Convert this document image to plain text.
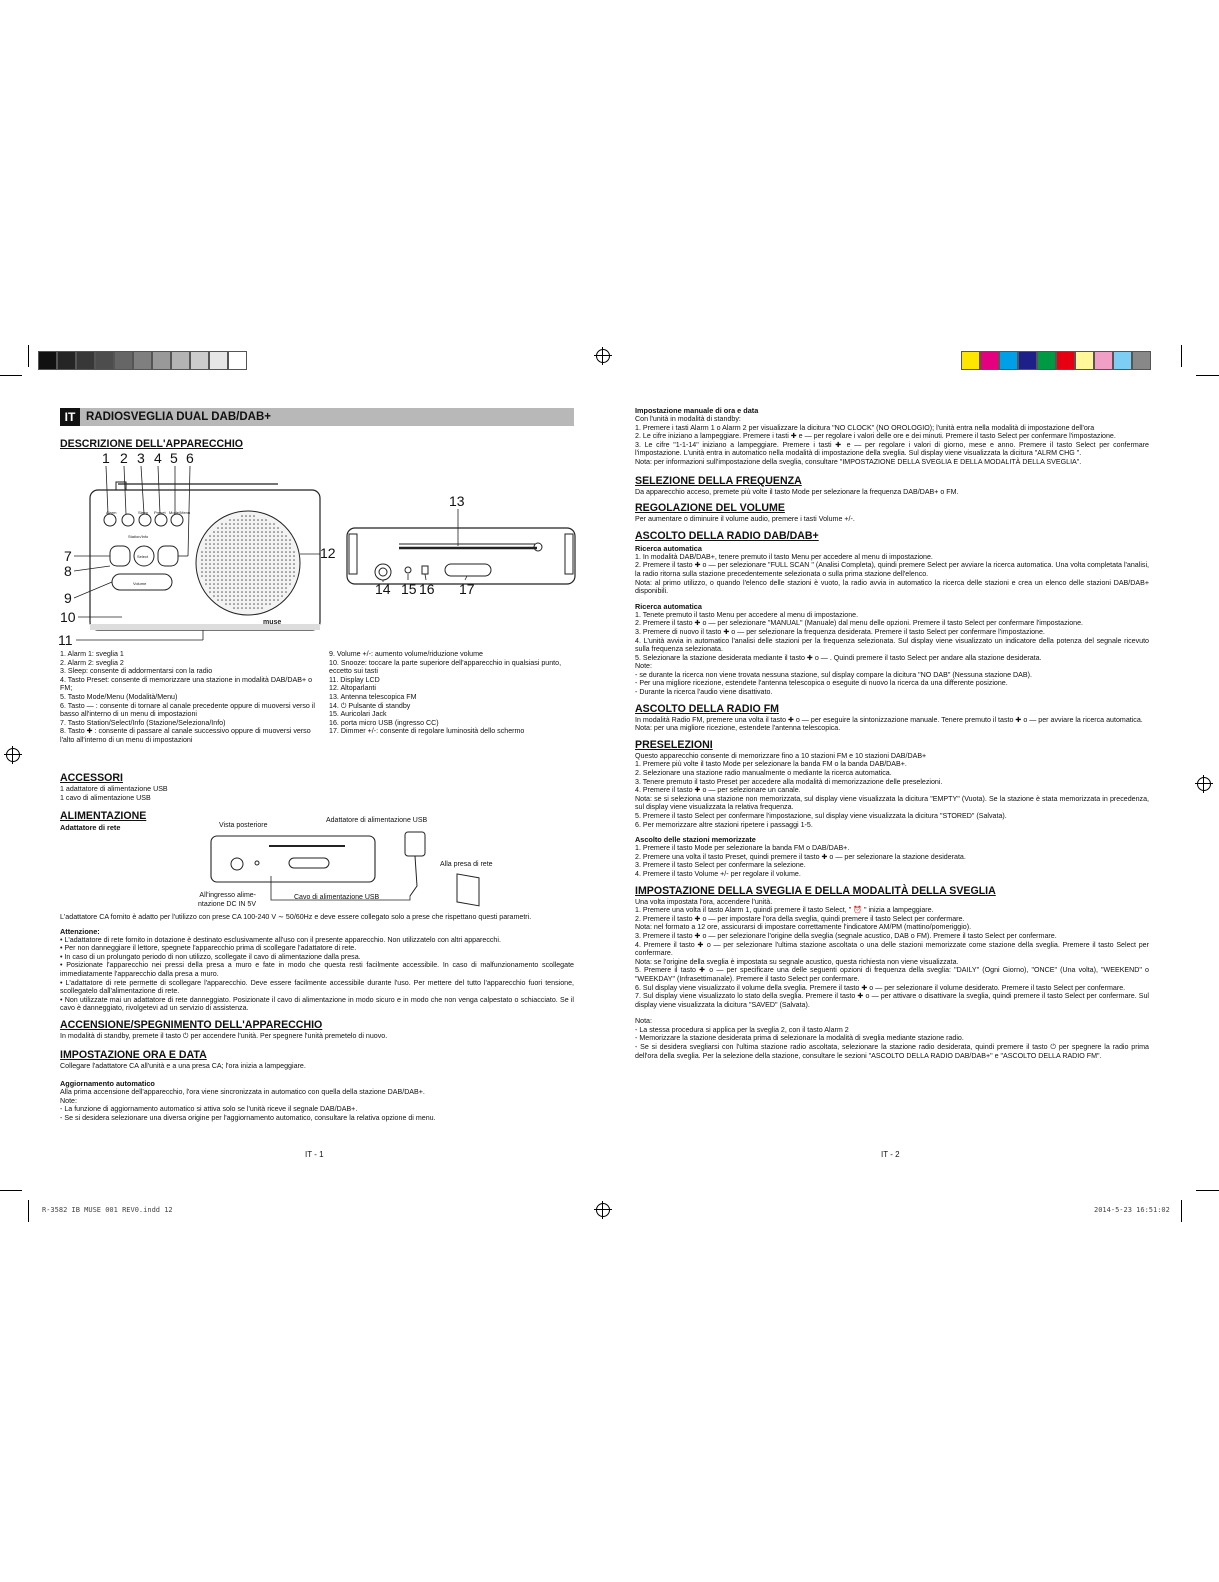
IT RADIOSVEGLIA DUAL DAB/DAB+
DESCRIZIONE DELL'APPARECCHIO
Alarm	Sleep Preset Mode/Menu
Station/Info
Select
Volume
muse
1 2 3 4 5 6
7
8
9
10
11
12
13
14 15 16 17
1. Alarm 1: sveglia 1
2. Alarm 2: sveglia 2
3. Sleep: consente di addormentarsi con la radio
4. Tasto Preset: consente di memorizzare una stazione in modalità DAB/DAB+ o FM;
5. Tasto Mode/Menu (Modalità/Menu)
6. Tasto — : consente di tornare al canale precedente oppure di muoversi verso il basso all'interno di un menu di impostazioni
7. Tasto Station/Select/Info (Stazione/Seleziona/Info)
8. Tasto ✚ : consente di passare al canale successivo oppure di muoversi verso l'alto all'interno di un menu di impostazioni
9. Volume +/-: aumento volume/riduzione volume
10. Snooze: toccare la parte superiore dell'apparecchio in qualsiasi punto, eccetto sui tasti
11. Display LCD
12. Altoparlanti
13. Antenna telescopica FM
14. ⏻ Pulsante di standby
15. Auricolari Jack
16. porta micro USB (ingresso CC)
17. Dimmer +/-: consente di regolare luminosità dello schermo
ACCESSORI
1 adattatore di alimentazione USB
1 cavo di alimentazione USB
ALIMENTAZIONE
Adattatore di rete	Vista posteriore
Adattatore di alimentazione USB
Alla presa di rete
All'ingresso alime-
ntazione DC IN 5V
Cavo di alimentazione USB

L'adattatore CA fornito è adatto per l'utilizzo con prese CA 100-240 V ∼ 50/60Hz e deve essere collegato solo a prese che rispettano questi parametri.

Attenzione:
• L'adattatore di rete fornito in dotazione è destinato esclusivamente all'uso con il presente apparecchio. Non utilizzatelo con altri apparecchi.
• Per non danneggiare il lettore, spegnete l'apparecchio prima di scollegare l'adattatore di rete.
• In caso di un prolungato periodo di non utilizzo, scollegate il cavo di alimentazione dalla presa.
• Posizionate l'apparecchio nei pressi della presa a muro e fate in modo che questa resti facilmente accessibile. In caso di malfunzionamento scollegate immediatamente l'apparecchio dalla presa a muro.
• L'adattatore di rete permette di scollegare l'apparecchio. Deve essere facilmente accessibile durante l'uso. Per mettere del tutto l'apparecchio fuori tensione, scollegatelo dall'alimentazione di rete.
• Non utilizzate mai un adattatore di rete danneggiato. Posizionate il cavo di alimentazione in modo sicuro e in modo che non venga calpestato o schiacciato. Se il cavo è danneggiato, rivolgetevi ad un servizio di assistenza.
ACCENSIONE/SPEGNIMENTO DELL'APPARECCHIO

In modalità di standby, premete il tasto ⏻ per accendere l'unità. Per spegnere l'unità premetelo di nuovo.

IMPOSTAZIONE ORA E DATA

Collegare l'adattatore CA all'unità e a una presa CA; l'ora inizia a lampeggiare.

Aggiornamento automatico
Alla prima accensione dell'apparecchio, l'ora viene sincronizzata in automatico con quella della stazione DAB/DAB+.
Note:
- La funzione di aggiornamento automatico si attiva solo se l'unità riceve il segnale DAB/DAB+.
- Se si desidera selezionare una diversa origine per l'aggiornamento automatico, consultare la relativa opzione di menu.
IT - 1
Impostazione manuale di ora e data
Con l'unità in modalità di standby:
1. Premere i tasti Alarm 1 o Alarm 2 per visualizzare la dicitura "NO CLOCK" (NO OROLOGIO); l'unità entra nella modalità di impostazione dell'ora
2. Le cifre iniziano a lampeggiare. Premere i tasti ✚ e — per regolare i valori delle ore e dei minuti. Premere il tasto Select per confermare l'impostazione.
3. Le cifre "1-1-14" iniziano a lampeggiare. Premere i tasti ✚ e — per regolare i valori di giorno, mese e anno. Premere il tasto Select per confermare l'impostazione. L'unità entra in automatico nella modalità di impostazione della sveglia. Sul display viene visualizzata la dicitura "ALRM CHG ".
Nota: per informazioni sull'impostazione della sveglia, consultare "IMPOSTAZIONE DELLA SVEGLIA E DELLA MODALITÀ DELLA SVEGLIA".
SELEZIONE DELLA FREQUENZA

Da apparecchio acceso, premete più volte il tasto Mode per selezionare la frequenza DAB/DAB+ o FM.

REGOLAZIONE DEL VOLUME

Per aumentare o diminuire il volume audio, premere i tasti Volume +/-.

ASCOLTO DELLA RADIO DAB/DAB+
Ricerca automatica
1. In modalità DAB/DAB+, tenere premuto il tasto Menu per accedere al menu di impostazione.
2. Premere il tasto ✚ o — per selezionare "FULL SCAN " (Analisi Completa), quindi premere Select per avviare la ricerca automatica. Una volta completata l'analisi, la radio ritorna sulla stazione precedentemente selezionata o sulla prima stazione dell'elenco.
Nota: al primo utilizzo, o quando l'elenco delle stazioni è vuoto, la radio avvia in automatico la ricerca delle stazioni e crea un elenco delle stazioni DAB/DAB+ disponibili.
Ricerca automatica
1. Tenete premuto il tasto Menu per accedere al menu di impostazione.
2. Premere il tasto ✚ o — per selezionare "MANUAL" (Manuale) dal menu delle opzioni. Premere il tasto Select per confermare l'impostazione.
3. Premere di nuovo il tasto ✚ o — per selezionare la frequenza desiderata. Premere il tasto Select per confermare l'impostazione.
4. L'unità avvia in automatico l'analisi delle stazioni per la frequenza selezionata. Sul display viene visualizzato un indicatore della potenza del segnale ricevuto sulla frequenza selezionata.
5. Selezionare la stazione desiderata mediante il tasto ✚ o — . Quindi premere il tasto Select per andare alla stazione desiderata.
Note:
- se durante la ricerca non viene trovata nessuna stazione, sul display compare la dicitura "NO DAB" (Nessuna stazione DAB).
- Per una migliore ricezione, estendete l'antenna telescopica o eseguite di nuovo la ricerca da una differente posizione.
- Durante la ricerca l'audio viene disattivato.
ASCOLTO DELLA RADIO FM
In modalità Radio FM, premere una volta il tasto ✚ o — per eseguire la sintonizzazione manuale. Tenere premuto il tasto ✚ o — per avviare la ricerca automatica.
Nota: per una migliore ricezione, estendete l'antenna telescopica.
PRESELEZIONI
Questo apparecchio consente di memorizzare fino a 10 stazioni FM e 10 stazioni DAB/DAB+
1. Premere più volte il tasto Mode per selezionare la banda FM o la banda DAB/DAB+.
2. Selezionare una stazione radio manualmente o mediante la ricerca automatica.
3. Tenere premuto il tasto Preset per accedere alla modalità di memorizzazione delle preselezioni.
4. Premere il tasto ✚ o — per selezionare un canale.
Nota: se si seleziona una stazione non memorizzata, sul display viene visualizzata la dicitura "EMPTY" (Vuota). Se la stazione è stata memorizzata in precedenza, sul display viene visualizzata la relativa frequenza.
5. Premere il tasto Select per confermare l'impostazione, sul display viene visualizzata la dicitura "STORED" (Salvata).
6. Per memorizzare altre stazioni ripetere i passaggi 1-5.
Ascolto delle stazioni memorizzate
1. Premere il tasto Mode per selezionare la banda FM o DAB/DAB+.
2. Premere una volta il tasto Preset, quindi premere il tasto ✚ o — per selezionare la stazione desiderata.
3. Premere il tasto Select per confermare la selezione.
4. Premere il tasto Volume +/- per regolare il volume.
IMPOSTAZIONE DELLA SVEGLIA E DELLA MODALITÀ DELLA SVEGLIA
Una volta impostata l'ora, accendere l'unità.
1. Premere una volta il tasto Alarm 1, quindi premere il tasto Select, " ⏰ " inizia a lampeggiare.
2. Premere il tasto ✚ o — per impostare l'ora della sveglia, quindi premere il tasto Select per confermare.
Nota: nel formato a 12 ore, assicurarsi di impostare correttamente l'indicatore AM/PM (mattino/pomeriggio).
3. Premere il tasto ✚ o — per selezionare l'origine della sveglia (segnale acustico, DAB o FM). Premere il tasto Select per confermare.
4. Premere il tasto ✚ o — per selezionare l'ultima stazione ascoltata o una delle stazioni memorizzate come stazione della sveglia. Premere il tasto Select per confermare.
Nota: se l'origine della sveglia è impostata su segnale acustico, questa richiesta non viene visualizzata.
5. Premere il tasto ✚ o — per specificare una delle seguenti opzioni di frequenza della sveglia: "DAILY" (Ogni Giorno), "ONCE" (Una volta), "WEEKEND" o "WEEKDAY" (Infrasettimanale). Premere il tasto Select per confermare.
6. Sul display viene visualizzato il volume della sveglia. Premere il tasto ✚ o — per selezionare il volume desiderato. Premere il tasto Select per confermare.
7. Sul display viene visualizzato lo stato della sveglia. Premere il tasto ✚ o — per attivare o disattivare la sveglia, quindi premere il tasto Select per confermare. Sul display viene visualizzata la dicitura "SAVED" (Salvata).
Nota:
- La stessa procedura si applica per la sveglia 2, con il tasto Alarm 2
- Memorizzare la stazione desiderata prima di selezionare la modalità di sveglia mediante stazione radio.
- Se si desidera svegliarsi con l'ultima stazione radio ascoltata, selezionare la stazione radio desiderata, quindi premere il tasto ⏻ per spegnere la radio prima dell'ora della sveglia. Per la selezione della stazione, consultare le sezioni "ASCOLTO DELLA RADIO DAB/DAB+" e "ASCOLTO DELLA RADIO FM".
IT - 2
R-3582 IB MUSE 001 REV0.indd 12	2014-5-23 16:51:02
